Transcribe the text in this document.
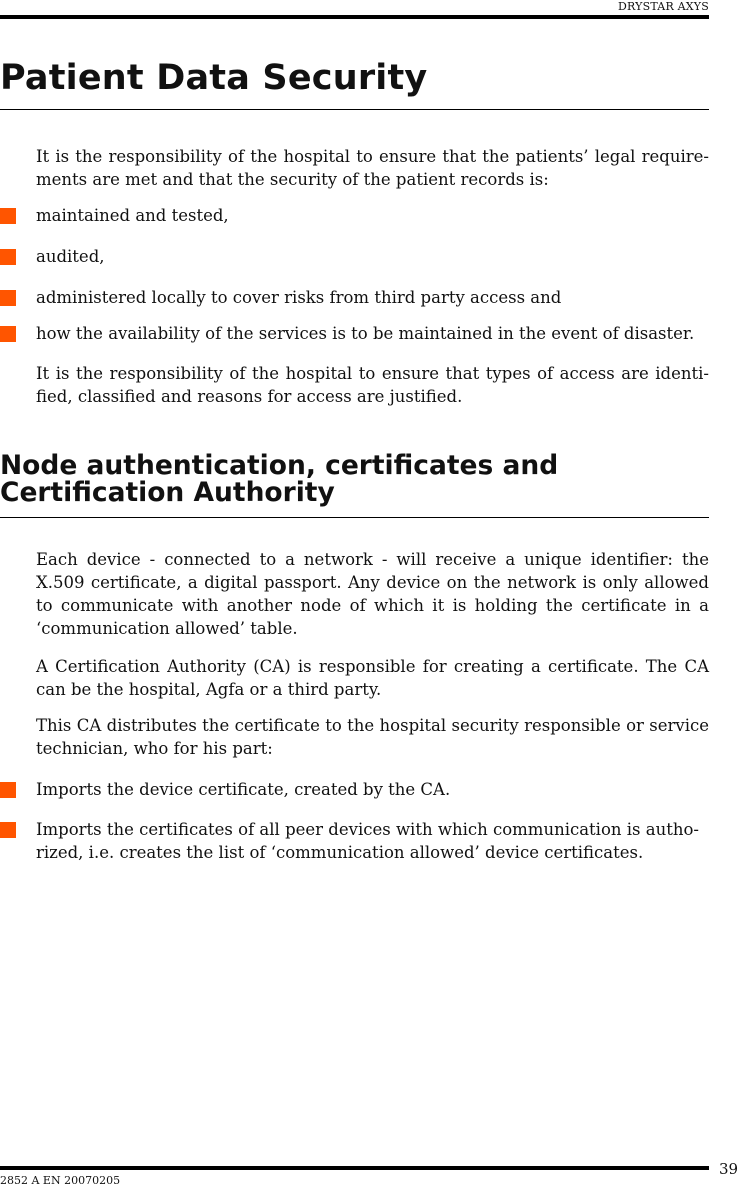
DRYSTAR AXYS
Patient Data Security

It is the responsibility of the hospital to ensure that the patients’ legal require-ments are met and that the security of the patient records is:

maintained and tested,

audited,

administered locally to cover risks from third party access and

how the availability of the services is to be maintained in the event of disaster.

It is the responsibility of the hospital to ensure that types of access are identi-fied, classified and reasons for access are justified.

Node authentication, certificates and Certification Authority

Each device - connected to a network - will receive a unique identifier: the X.509 certificate, a digital passport. Any device on the network is only allowed to communicate with another node of which it is holding the certificate in a ‘communication allowed’ table.

A Certification Authority (CA) is responsible for creating a certificate. The CA can be the hospital, Agfa or a third party.

This CA distributes the certificate to the hospital security responsible or service technician, who for his part:

Imports the device certificate, created by the CA.

Imports the certificates of all peer devices with which communication is autho-rized, i.e. creates the list of ‘communication allowed’ device certificates.

2852 A EN 20070205
39
